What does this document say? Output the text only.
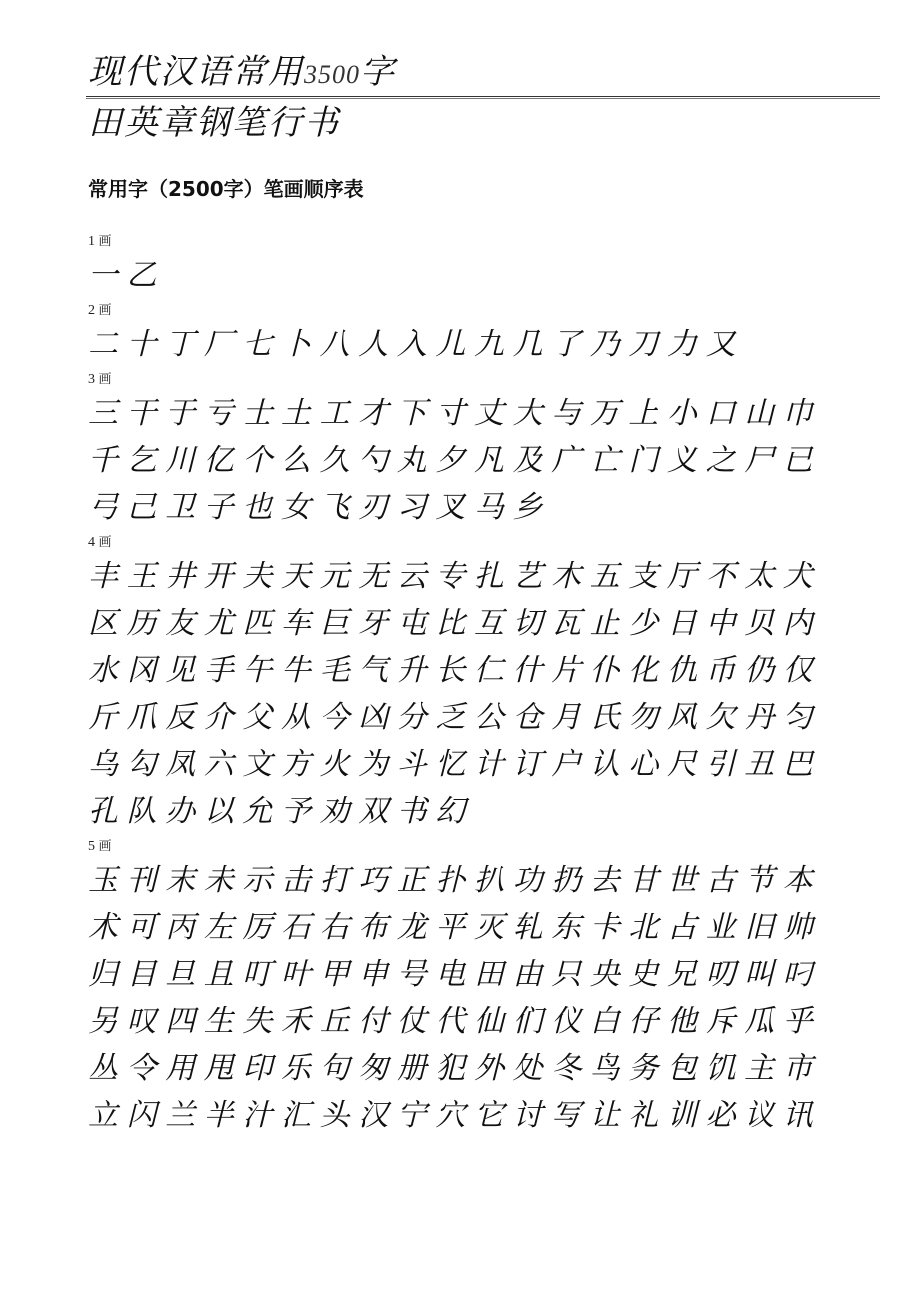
现代汉语常用3500字
田英章钢笔行书
常用字（2500字）笔画顺序表
1 画
一乙
2 画
二十丁厂七卜八人入儿九几了乃刀力又
3 画
三干于亏士土工才下寸丈大与万上小口山巾
千乞川亿个么久勺丸夕凡及广亡门义之尸已
弓己卫子也女飞刃习叉马乡
4 画
丰王井开夫天元无云专扎艺木五支厅不太犬
区历友尤匹车巨牙屯比互切瓦止少日中贝内
水冈见手午牛毛气升长仁什片仆化仇币仍仅
斤爪反介父从今凶分乏公仓月氏勿风欠丹匀
乌勾凤六文方火为斗忆计订户认心尺引丑巴
孔队办以允予劝双书幻
5 画
玉刊末未示击打巧正扑扒功扔去甘世古节本
术可丙左厉石右布龙平灭轧东卡北占业旧帅
归目旦且叮叶甲申号电田由只央史兄叨叫叼
另叹四生失禾丘付仗代仙们仪白仔他斥瓜乎
丛令用甩印乐句匆册犯外处冬鸟务包饥主市
立闪兰半汁汇头汉宁穴它讨写让礼训必议讯
